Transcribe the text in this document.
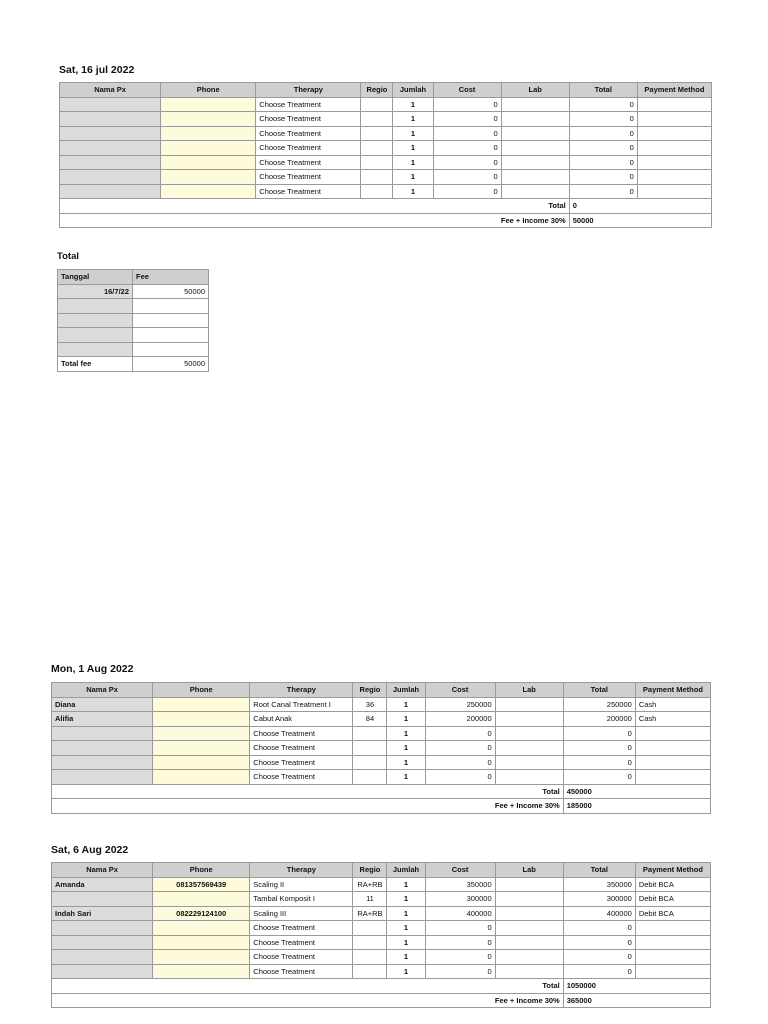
Sat, 16 jul 2022
Nama Px	Phone	Therapy	Regio	Jumlah	Cost	Lab	Total	Payment Method
		Choose Treatment		1	0		0	
		Choose Treatment		1	0		0	
		Choose Treatment		1	0		0	
		Choose Treatment		1	0		0	
		Choose Treatment		1	0		0	
		Choose Treatment		1	0		0	
		Choose Treatment		1	0		0	
Total							0	
Fee + Income 30%							50000	
Total
Tanggal	Fee
16/7/22	50000

Total fee	50000
Mon, 1 Aug 2022
Nama Px	Phone	Therapy	Regio	Jumlah	Cost	Lab	Total	Payment Method
Diana		Root Canal Treatment I	36	1	250000		250000	Cash
Alifia		Cabut Anak	84	1	200000		200000	Cash
		Choose Treatment		1	0		0	
		Choose Treatment		1	0		0	
		Choose Treatment		1	0		0	
		Choose Treatment		1	0		0	
Total							450000	
Fee + Income 30%							185000	
Sat, 6 Aug 2022
Nama Px	Phone	Therapy	Regio	Jumlah	Cost	Lab	Total	Payment Method
Amanda	081357569439	Scaling II	RA+RB	1	350000		350000	Debit BCA
		Tambal Komposit I	11	1	300000		300000	Debit BCA
Indah Sari	082229124100	Scaling III	RA+RB	1	400000		400000	Debit BCA
		Choose Treatment		1	0		0	
		Choose Treatment		1	0		0	
		Choose Treatment		1	0		0	
		Choose Treatment		1	0		0	
Total							1050000	
Fee + Income 30%							365000	
